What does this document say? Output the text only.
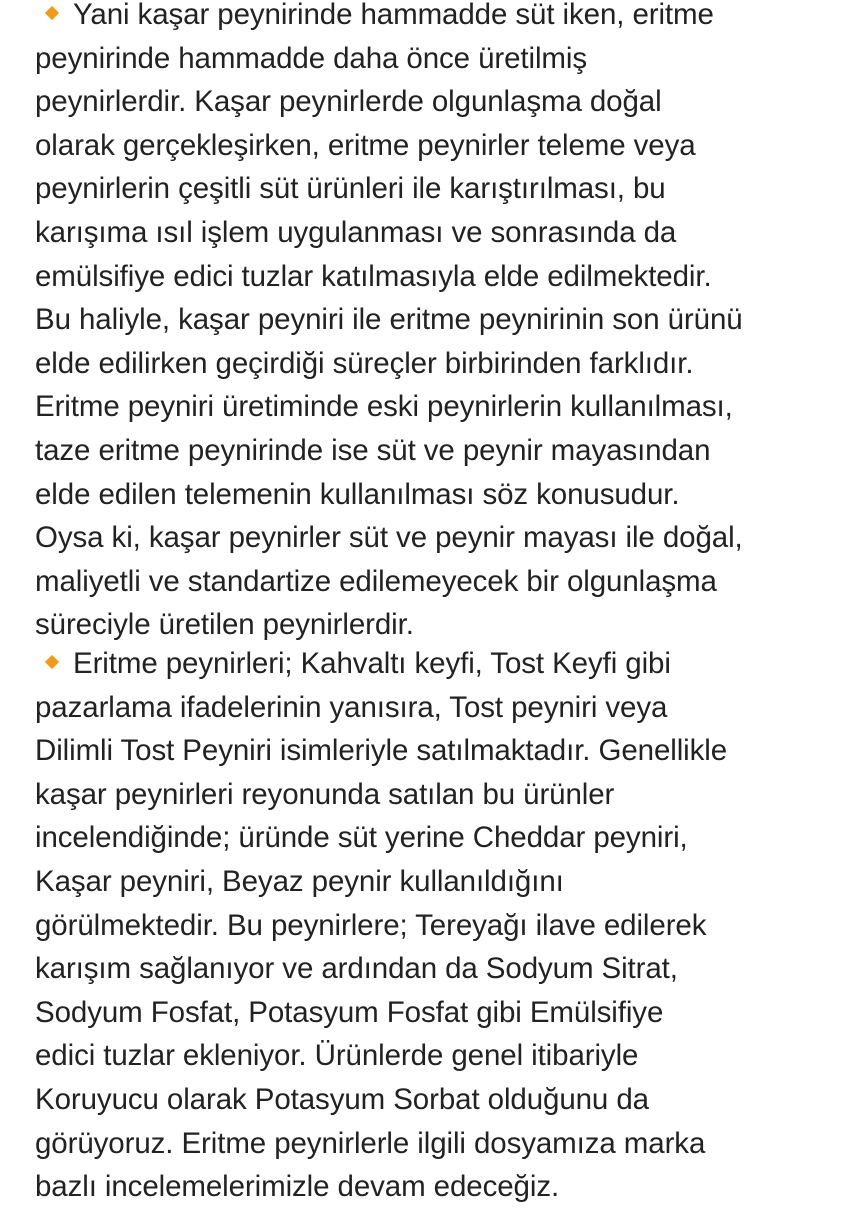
Yani kaşar peynirinde hammadde süt iken, eritme
peynirinde hammadde daha önce üretilmiş
peynirlerdir. Kaşar peynirlerde olgunlaşma doğal
olarak gerçekleşirken, eritme peynirler teleme veya
peynirlerin çeşitli süt ürünleri ile karıştırılması, bu
karışıma ısıl işlem uygulanması ve sonrasında da
emülsifiye edici tuzlar katılmasıyla elde edilmektedir.
Bu haliyle, kaşar peyniri ile eritme peynirinin son ürünü
elde edilirken geçirdiği süreçler birbirinden farklıdır.
Eritme peyniri üretiminde eski peynirlerin kullanılması,
taze eritme peynirinde ise süt ve peynir mayasından
elde edilen telemenin kullanılması söz konusudur.
Oysa ki, kaşar peynirler süt ve peynir mayası ile doğal,
maliyetli ve standartize edilemeyecek bir olgunlaşma
süreciyle üretilen peynirlerdir.

Eritme peynirleri; Kahvaltı keyfi, Tost Keyfi gibi
pazarlama ifadelerinin yanısıra, Tost peyniri veya
Dilimli Tost Peyniri isimleriyle satılmaktadır. Genellikle
kaşar peynirleri reyonunda satılan bu ürünler
incelendiğinde; üründe süt yerine Cheddar peyniri,
Kaşar peyniri, Beyaz peynir kullanıldığını
görülmektedir. Bu peynirlere; Tereyağı ilave edilerek
karışım sağlanıyor ve ardından da Sodyum Sitrat,
Sodyum Fosfat, Potasyum Fosfat gibi Emülsifiye
edici tuzlar ekleniyor. Ürünlerde genel itibariyle
Koruyucu olarak Potasyum Sorbat olduğunu da
görüyoruz. Eritme peynirlerle ilgili dosyamıza marka
bazlı incelemelerimizle devam edeceğiz.
